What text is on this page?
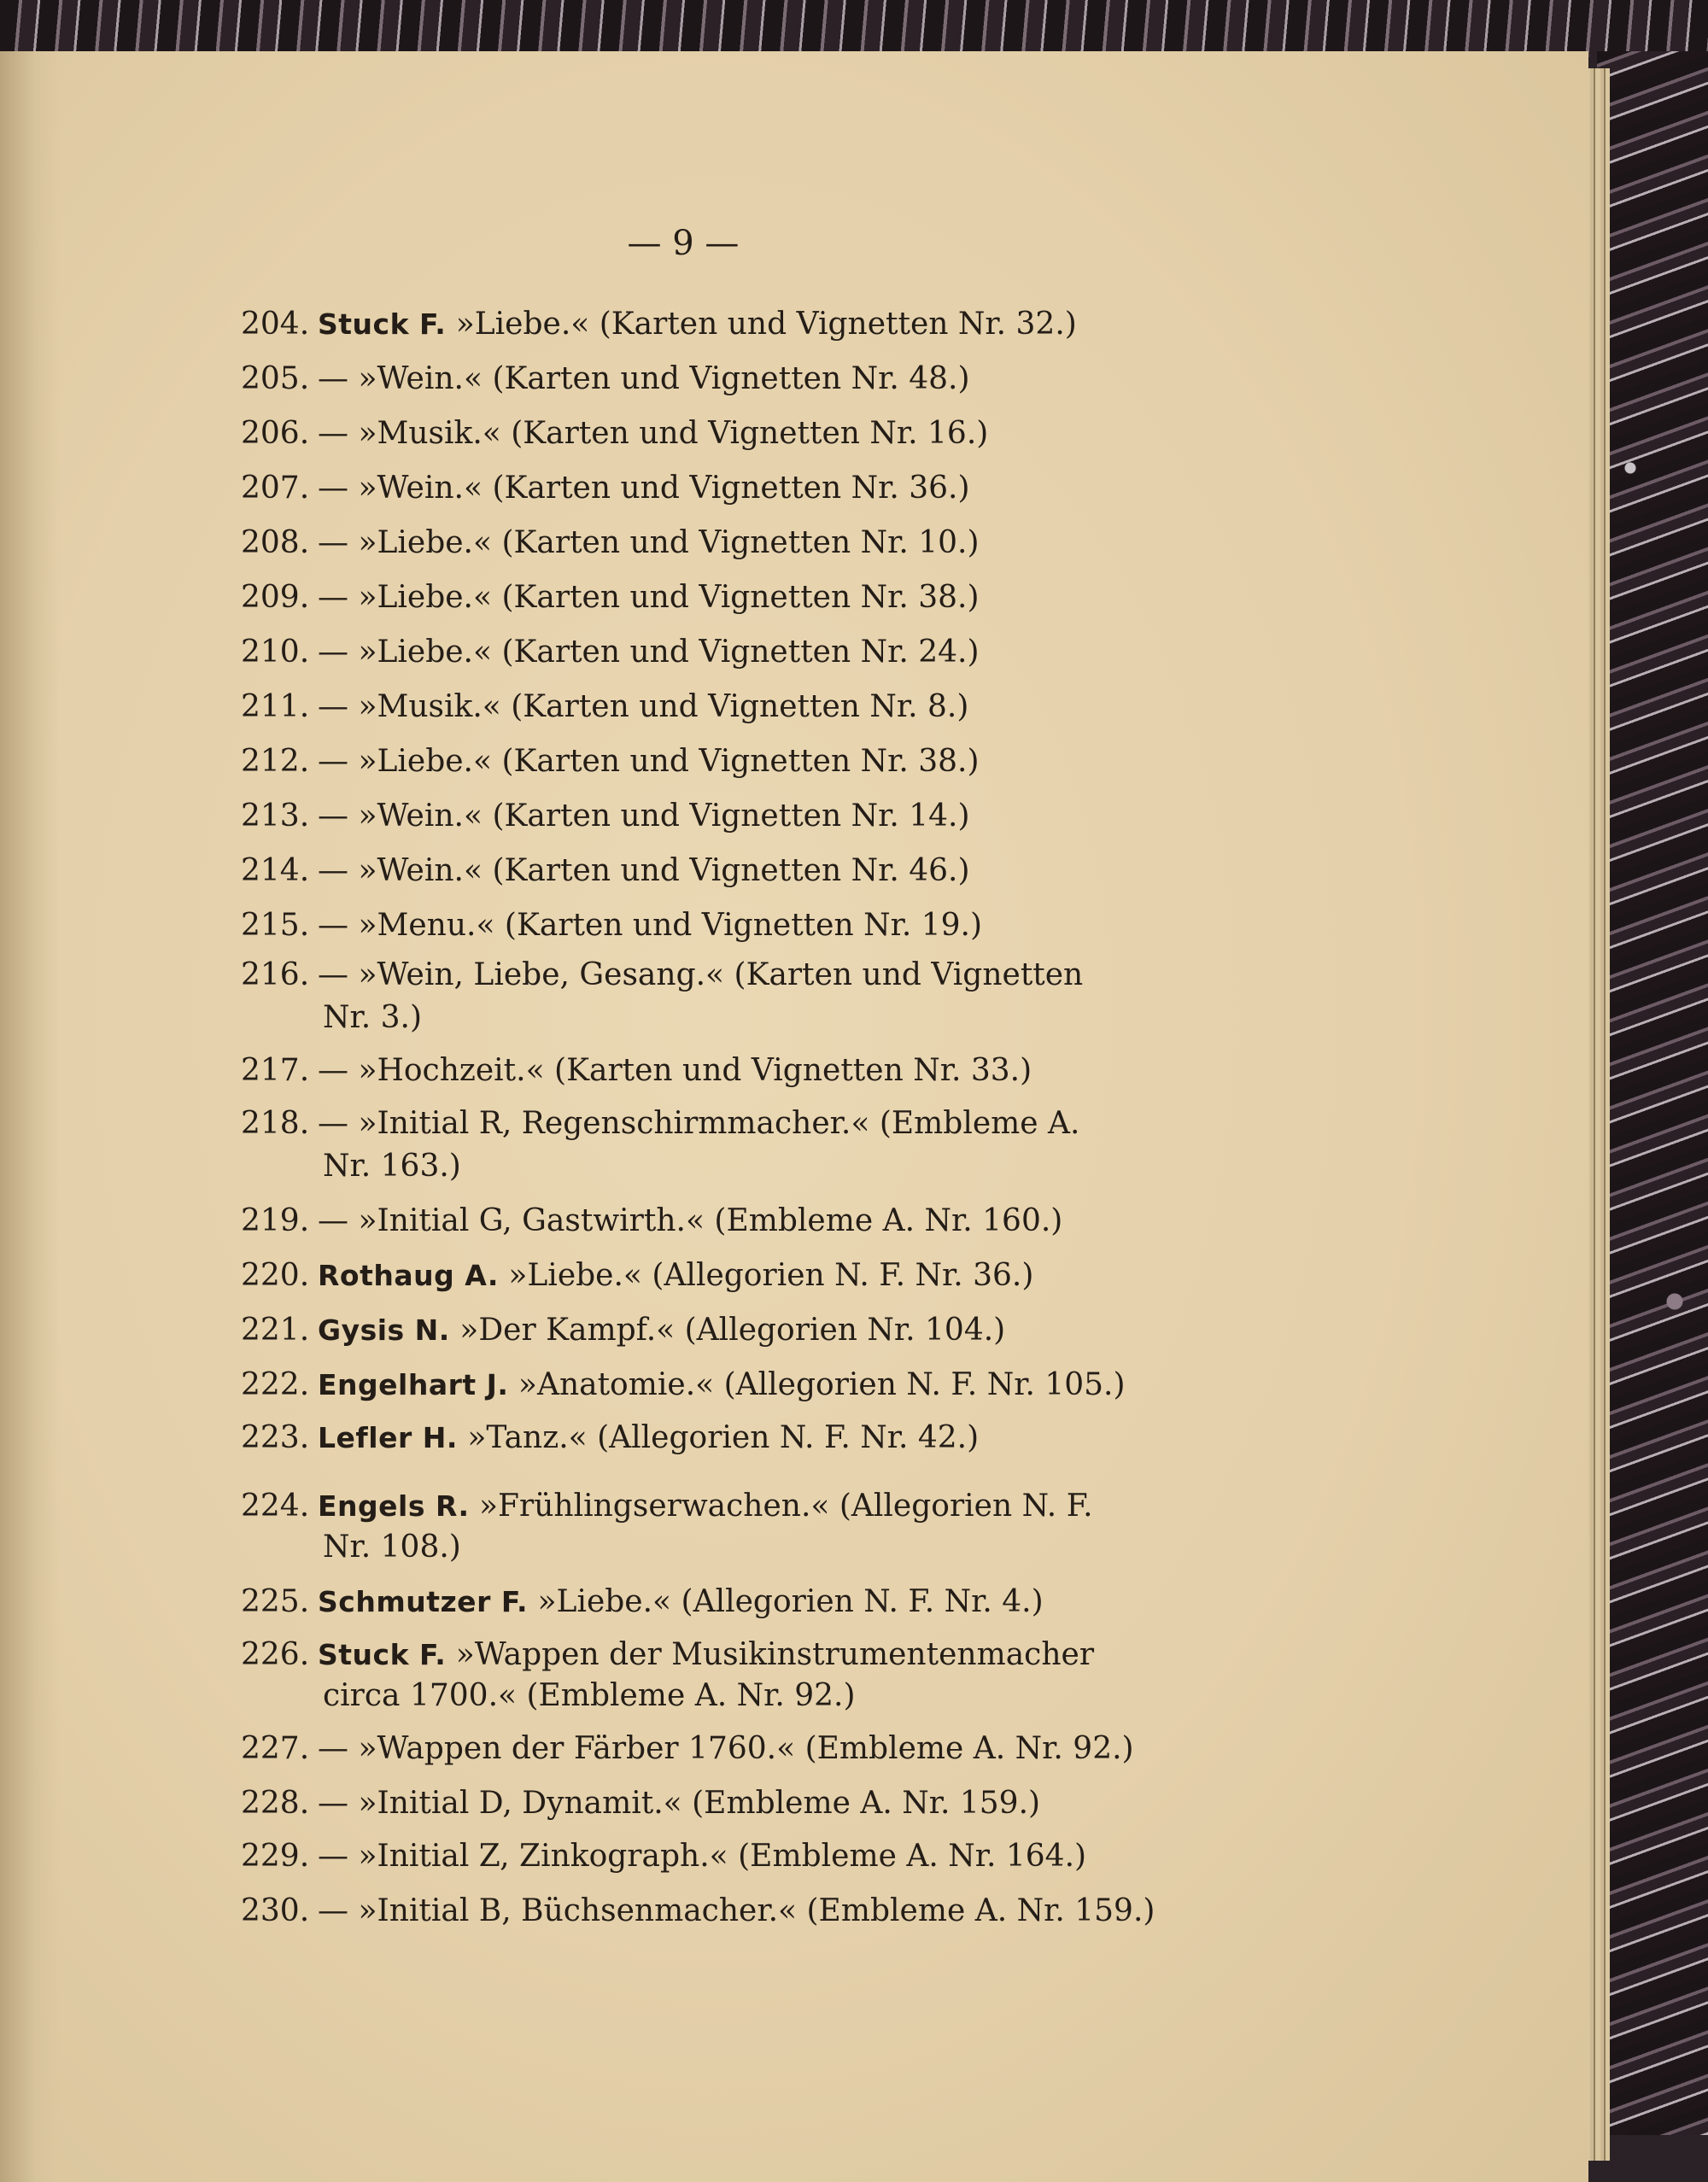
— 9 —
204. Stuck F. »Liebe.« (Karten und Vignetten Nr. 32.)
205. — »Wein.« (Karten und Vignetten Nr. 48.)
206. — »Musik.« (Karten und Vignetten Nr. 16.)
207. — »Wein.« (Karten und Vignetten Nr. 36.)
208. — »Liebe.« (Karten und Vignetten Nr. 10.)
209. — »Liebe.« (Karten und Vignetten Nr. 38.)
210. — »Liebe.« (Karten und Vignetten Nr. 24.)
211. — »Musik.« (Karten und Vignetten Nr. 8.)
212. — »Liebe.« (Karten und Vignetten Nr. 38.)
213. — »Wein.« (Karten und Vignetten Nr. 14.)
214. — »Wein.« (Karten und Vignetten Nr. 46.)
215. — »Menu.« (Karten und Vignetten Nr. 19.)
216. — »Wein, Liebe, Gesang.« (Karten und Vignetten
Nr. 3.)
217. — »Hochzeit.« (Karten und Vignetten Nr. 33.)
218. — »Initial R, Regenschirmmacher.« (Embleme A.
Nr. 163.)
219. — »Initial G, Gastwirth.« (Embleme A. Nr. 160.)
220. Rothaug A. »Liebe.« (Allegorien N. F. Nr. 36.)
221. Gysis N. »Der Kampf.« (Allegorien Nr. 104.)
222. Engelhart J. »Anatomie.« (Allegorien N. F. Nr. 105.)
223. Lefler H. »Tanz.« (Allegorien N. F. Nr. 42.)
224. Engels R. »Frühlingserwachen.« (Allegorien N. F.
Nr. 108.)
225. Schmutzer F. »Liebe.« (Allegorien N. F. Nr. 4.)
226. Stuck F. »Wappen der Musikinstrumentenmacher
circa 1700.« (Embleme A. Nr. 92.)
227. — »Wappen der Färber 1760.« (Embleme A. Nr. 92.)
228. — »Initial D, Dynamit.« (Embleme A. Nr. 159.)
229. — »Initial Z, Zinkograph.« (Embleme A. Nr. 164.)
230. — »Initial B, Büchsenmacher.« (Embleme A. Nr. 159.)
